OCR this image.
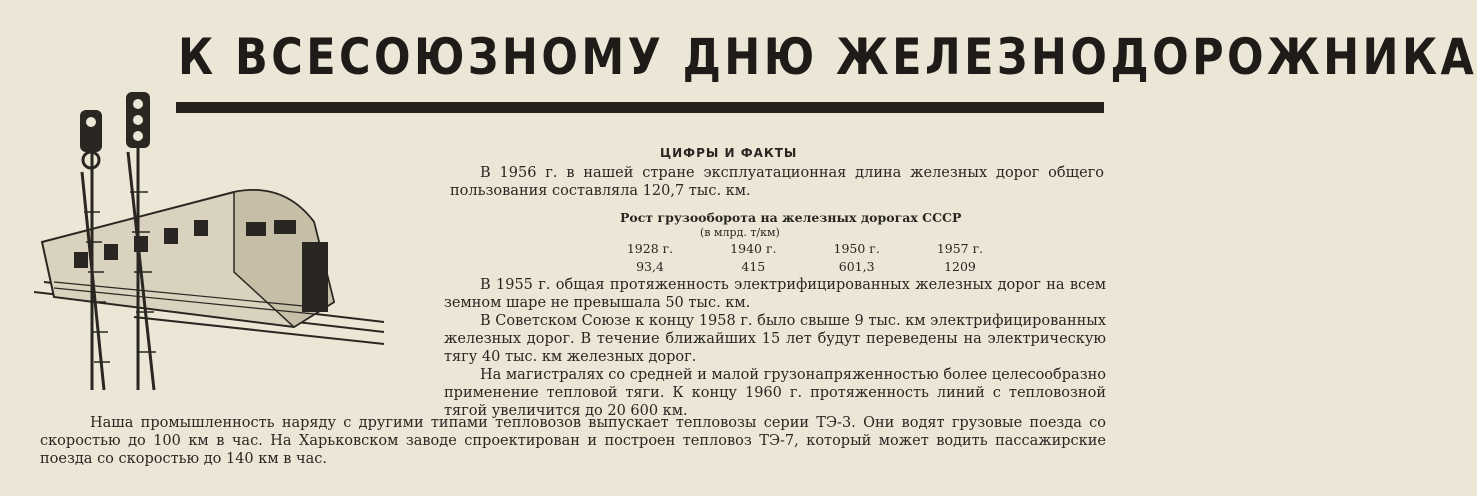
К ВСЕСОЮЗНОМУ ДНЮ ЖЕЛЕЗНОДОРОЖНИКА
ЦИФРЫ И ФАКТЫ
В 1956 г. в нашей стране эксплуатационная длина железных дорог общего пользования составляла 120,7 тыс. км.
Рост грузооборота на железных дорогах СССР
(в млрд. т/км)
1928 г.	1940 г.	1950 г.	1957 г.
93,4	415	601,3	1209
В 1955 г. общая протяженность электрифицированных железных дорог на всем земном шаре не превышала 50 тыс. км.
В Советском Союзе к концу 1958 г. было свыше 9 тыс. км электрифицированных железных дорог. В течение ближайших 15 лет будут переведены на электрическую тягу 40 тыс. км железных дорог.
На магистралях со средней и малой грузонапряженностью более целесообразно применение тепловой тяги. К концу 1960 г. протяженность линий с тепловозной тягой увеличится до 20 600 км.
Наша промышленность наряду с другими типами тепловозов выпускает тепловозы серии ТЭ-3. Они водят грузовые поезда со скоростью до 100 км в час. На Харьковском заводе спроектирован и построен тепловоз ТЭ-7, который может водить пассажирские поезда со скоростью до 140 км в час.
